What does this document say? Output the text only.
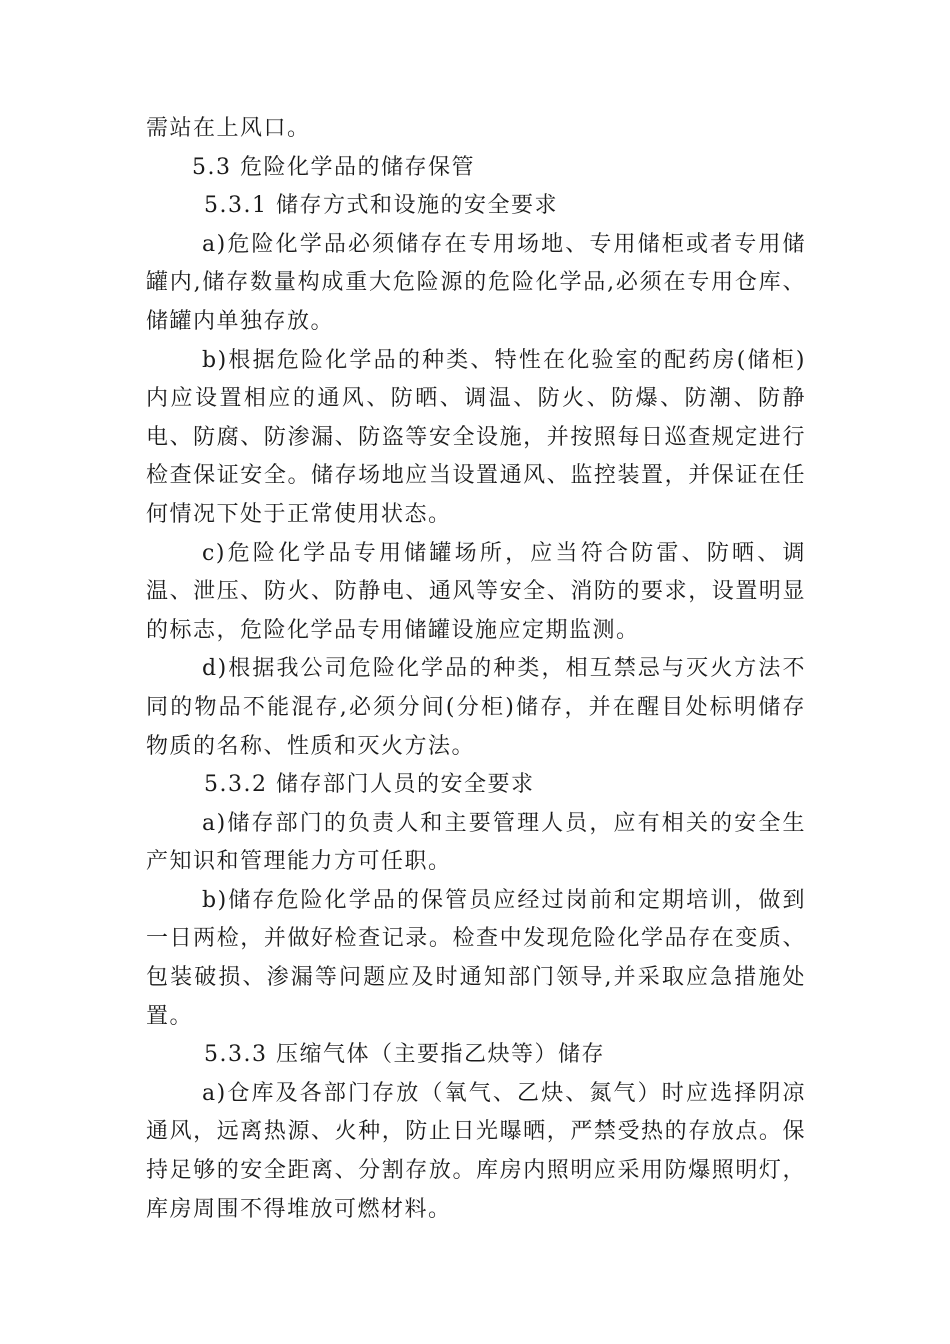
需站在上风口。

5.3 危险化学品的储存保管

5.3.1 储存方式和设施的安全要求

a)危险化学品必须储存在专用场地、专用储柜或者专用储罐内,储存数量构成重大危险源的危险化学品,必须在专用仓库、储罐内单独存放。

b)根据危险化学品的种类、特性在化验室的配药房(储柜)内应设置相应的通风、防晒、调温、防火、防爆、防潮、防静电、防腐、防渗漏、防盗等安全设施，并按照每日巡查规定进行检查保证安全。储存场地应当设置通风、监控装置，并保证在任何情况下处于正常使用状态。

c)危险化学品专用储罐场所，应当符合防雷、防晒、调温、泄压、防火、防静电、通风等安全、消防的要求，设置明显的标志，危险化学品专用储罐设施应定期监测。

d)根据我公司危险化学品的种类，相互禁忌与灭火方法不同的物品不能混存,必须分间(分柜)储存，并在醒目处标明储存物质的名称、性质和灭火方法。

5.3.2 储存部门人员的安全要求

a)储存部门的负责人和主要管理人员，应有相关的安全生产知识和管理能力方可任职。

b)储存危险化学品的保管员应经过岗前和定期培训，做到一日两检，并做好检查记录。检查中发现危险化学品存在变质、包装破损、渗漏等问题应及时通知部门领导,并采取应急措施处置。

5.3.3 压缩气体（主要指乙炔等）储存

a)仓库及各部门存放（氧气、乙炔、氮气）时应选择阴凉通风，远离热源、火种，防止日光曝晒，严禁受热的存放点。保持足够的安全距离、分割存放。库房内照明应采用防爆照明灯，库房周围不得堆放可燃材料。
